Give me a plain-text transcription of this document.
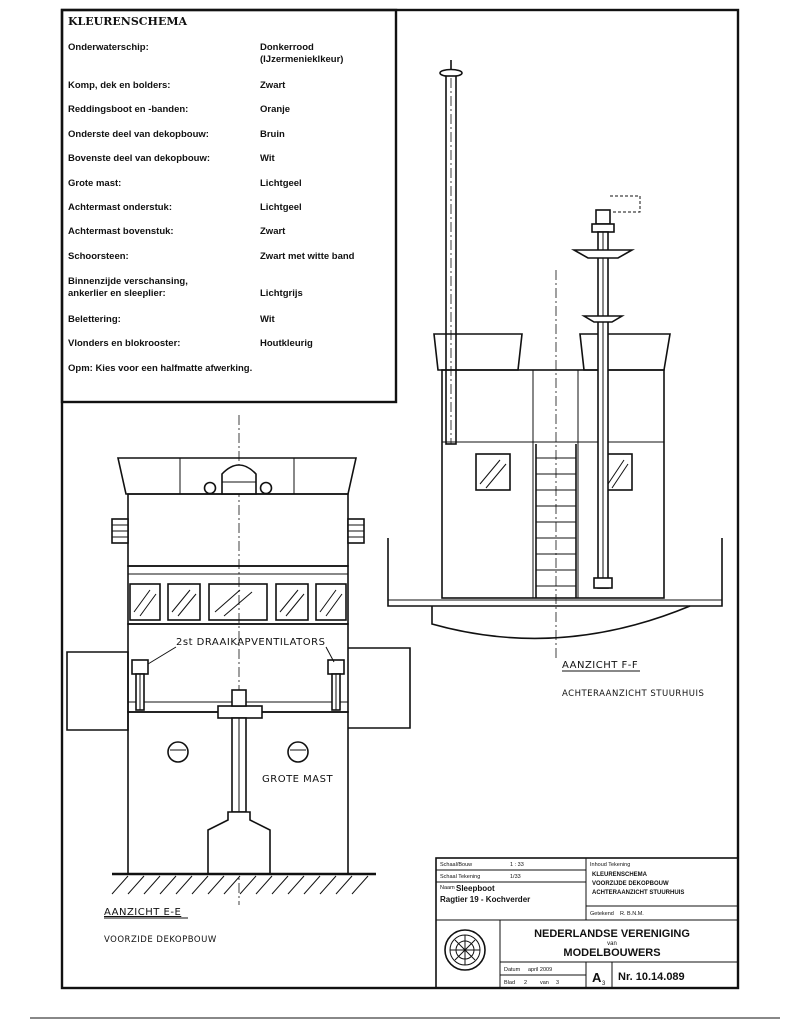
KLEURENSCHEMA
Onderwaterschip:	Donkerrood
(IJzermenieklkeur)
Komp, dek en bolders:	Zwart
Reddingsboot en -banden:	Oranje
Onderste deel van dekopbouw:	Bruin
Bovenste deel van dekopbouw:	Wit
Grote mast:	Lichtgeel
Achtermast onderstuk:	Lichtgeel
Achtermast bovenstuk:	Zwart
Schoorsteen:	Zwart met witte band
Binnenzijde verschansing,
ankerlier en sleeplier:	Lichtgrijs
Belettering:	Wit
Vlonders en blokrooster:	Houtkleurig
Opm: Kies voor een halfmatte afwerking.
2st DRAAIKAPVENTILATORS
GROTE MAST
AANZICHT E-E
VOORZIDE DEKOPBOUW
AANZICHT F-F
ACHTERAANZICHT STUURHUIS
Schaal/Bouw	1 : 33
Schaal Tekening	1/33
Naam Sleepboot
Ragtier 19 - Kochverder
Inhoud Tekening
KLEURENSCHEMA
VOORZIJDE DEKOPBOUW
ACHTERAANZICHT STUURHUIS
Getekend R. B.N.M.
NEDERLANDSE VERENIGING
van
MODELBOUWERS
Datum april 2009
Blad 2 van 3	A 3
Nr. 10.14.089
